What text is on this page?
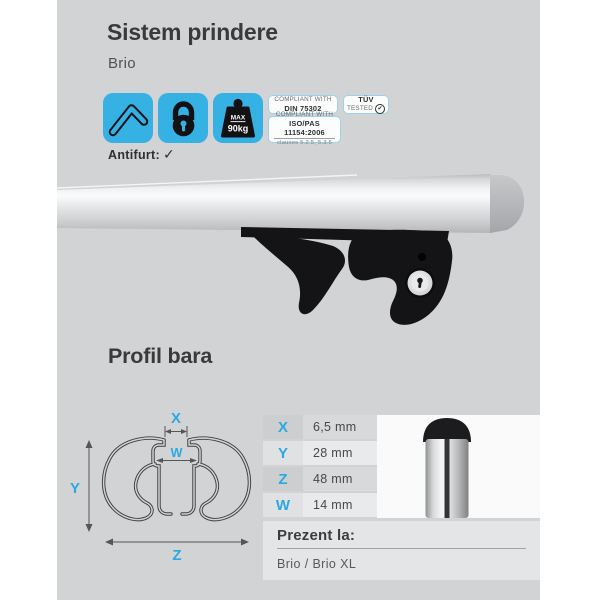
Sistem prindere
Brio
MAX
90kg
COMPLIANT WITH
DIN 75302
TÜV
TESTED ✔
COMPLIANT WITH
ISO/PAS 11154:2006
clauses 5.2.5, 5.3.5
Antifurt: ✓
Profil bara
X
W
Y
Z
X	6,5 mm
Y	28 mm
Z	48 mm
W	14 mm
Prezent la:
Brio / Brio XL
